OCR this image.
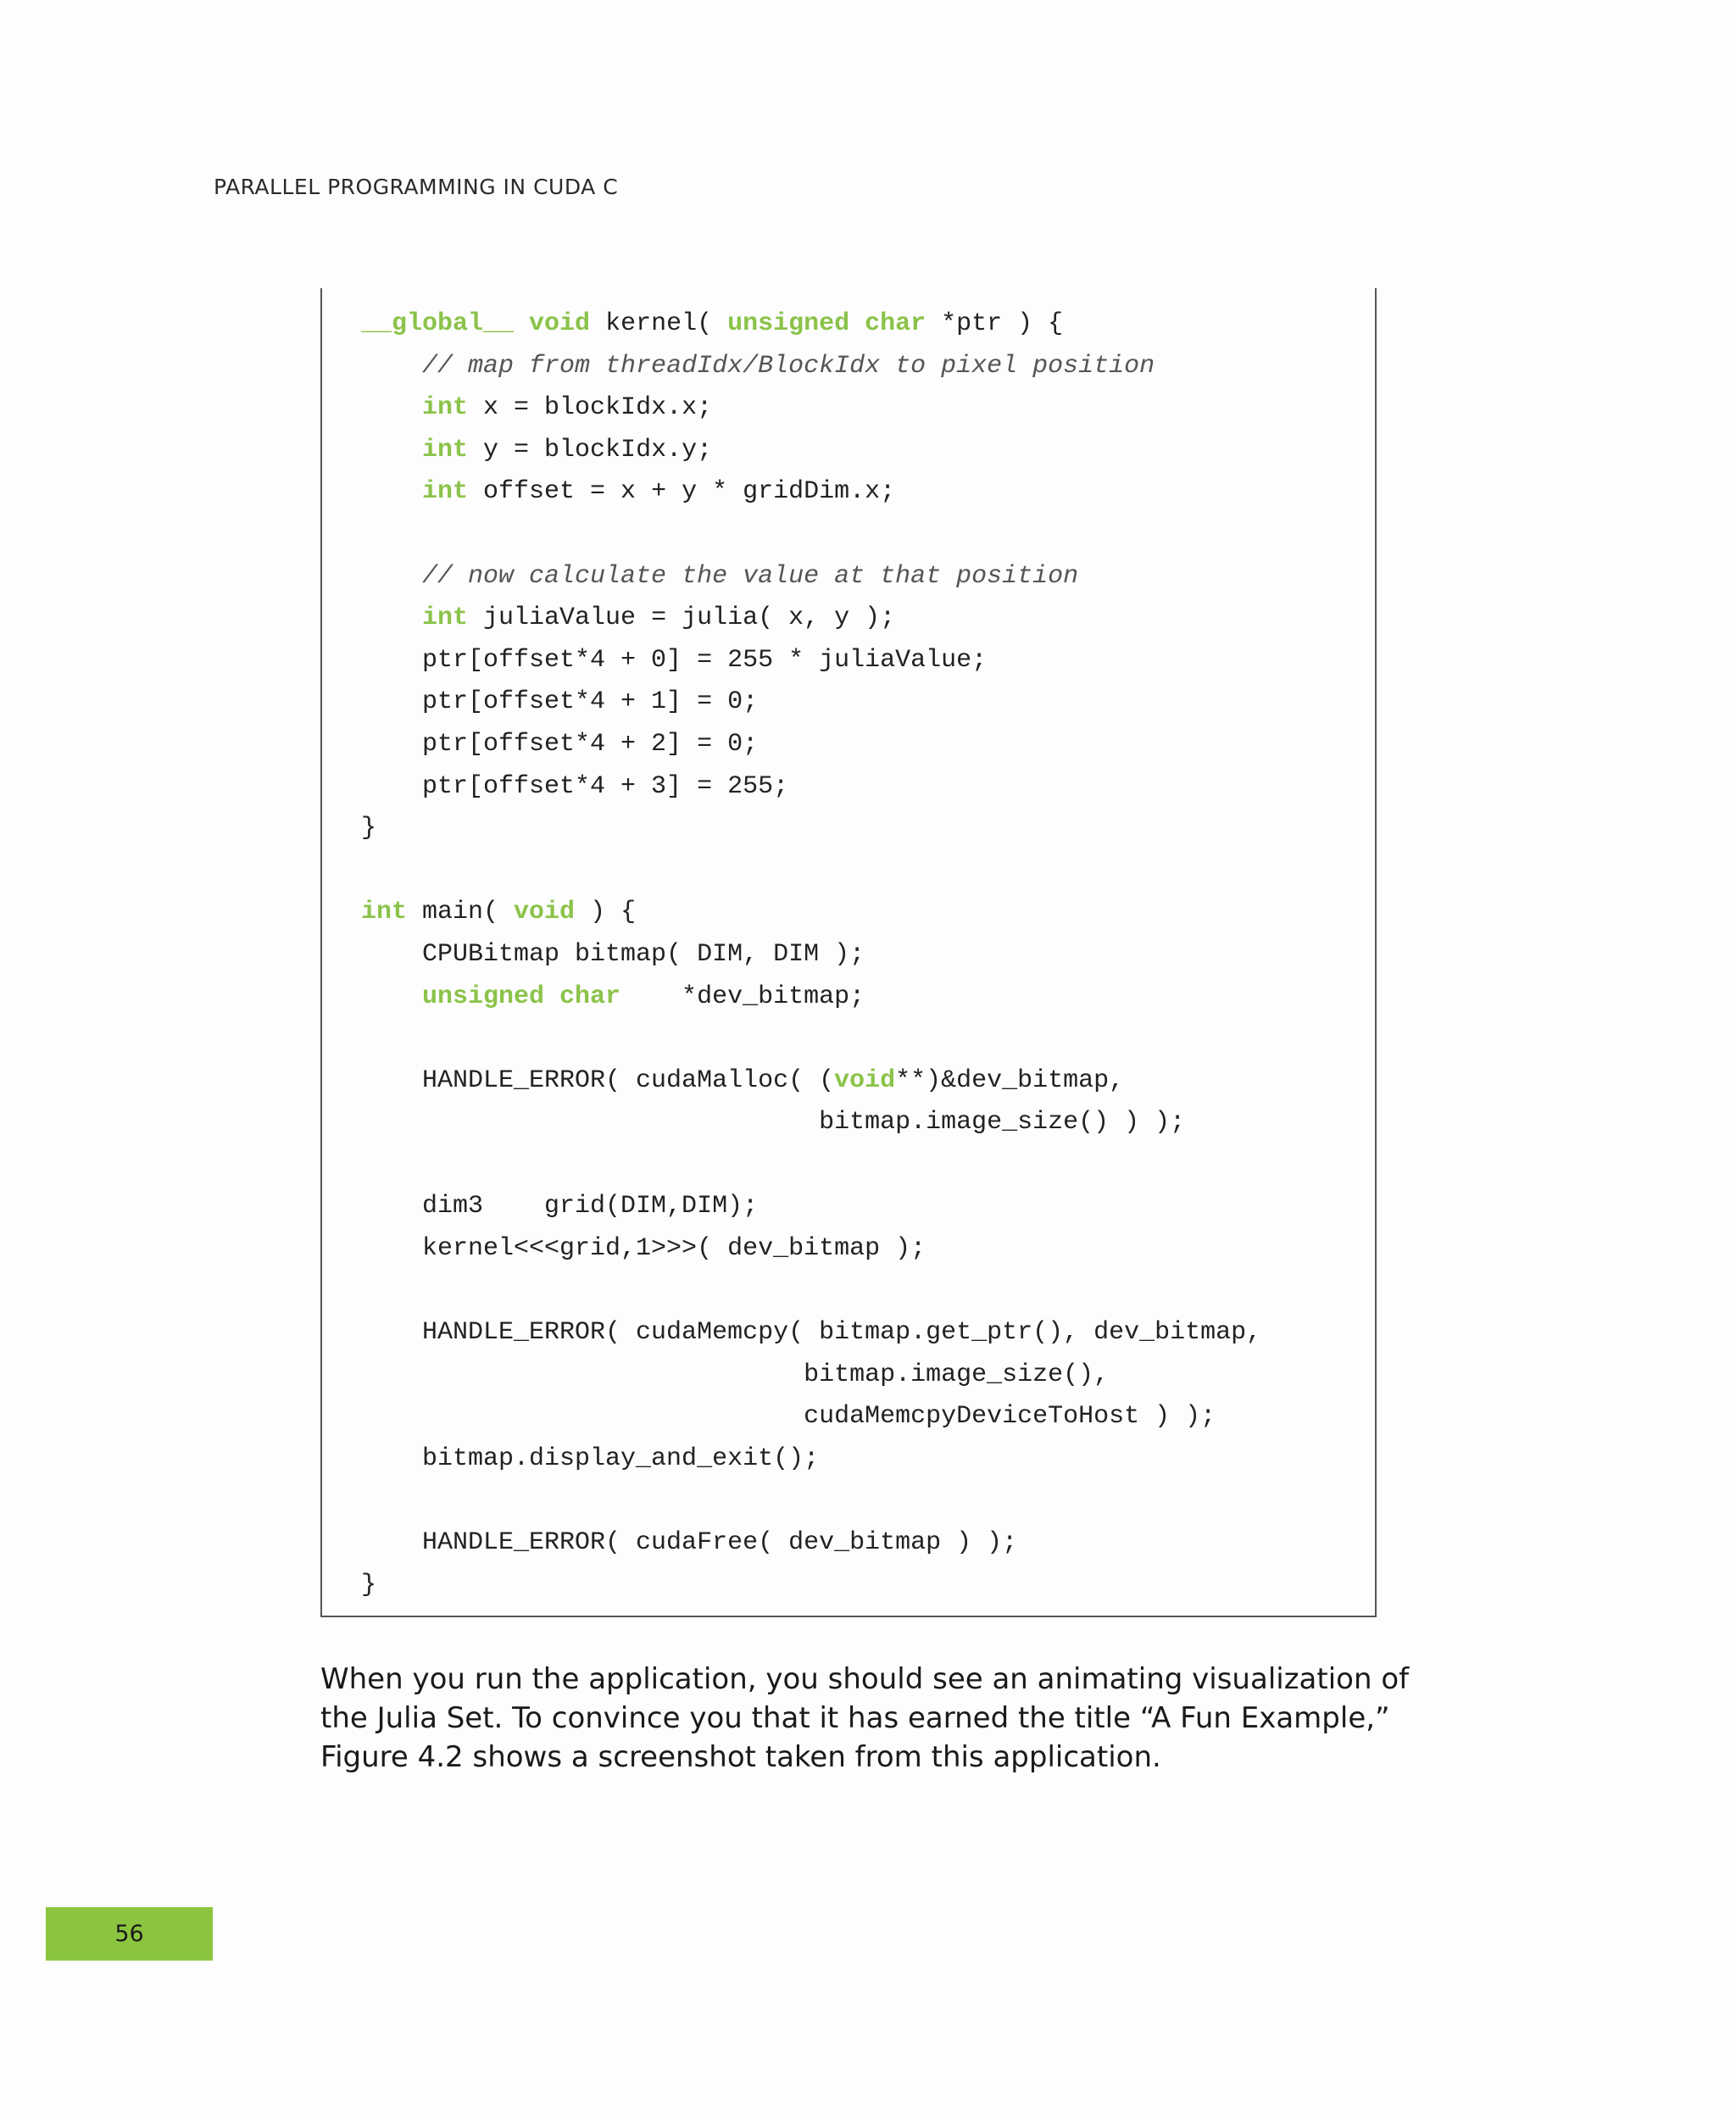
PARALLEL PROGRAMMING IN CUDA C
__global__ void kernel( unsigned char *ptr ) {
// map from threadIdx/BlockIdx to pixel position
int x = blockIdx.x;
int y = blockIdx.y;
int offset = x + y * gridDim.x;

// now calculate the value at that position
int juliaValue = julia( x, y );
ptr[offset*4 + 0] = 255 * juliaValue;
ptr[offset*4 + 1] = 0;
ptr[offset*4 + 2] = 0;
ptr[offset*4 + 3] = 255;
}

int main( void ) {
CPUBitmap bitmap( DIM, DIM );
unsigned char    *dev_bitmap;

HANDLE_ERROR( cudaMalloc( (void**)&dev_bitmap,
bitmap.image_size() ) );

dim3    grid(DIM,DIM);
kernel<<<grid,1>>>( dev_bitmap );

HANDLE_ERROR( cudaMemcpy( bitmap.get_ptr(), dev_bitmap,
bitmap.image_size(),
cudaMemcpyDeviceToHost ) );
bitmap.display_and_exit();

HANDLE_ERROR( cudaFree( dev_bitmap ) );
}

When you run the application, you should see an animating visualization of the Julia Set. To convince you that it has earned the title “A Fun Example,” Figure 4.2 shows a screenshot taken from this application.

56
